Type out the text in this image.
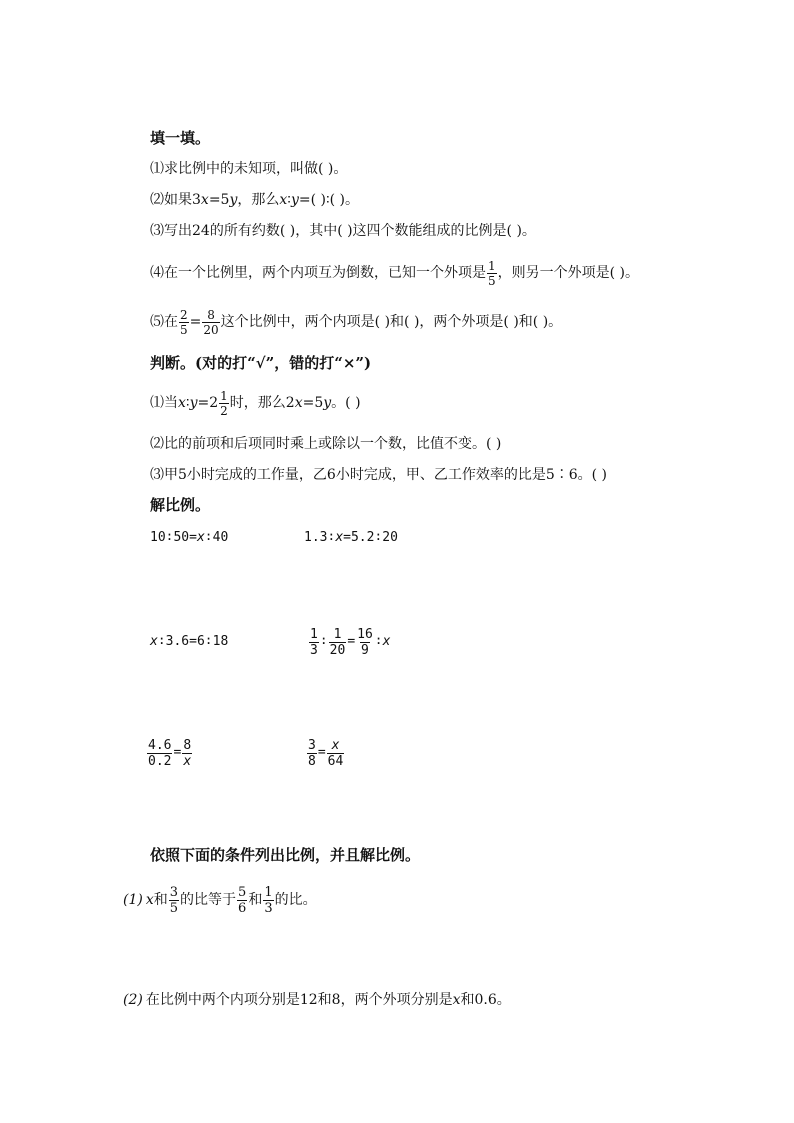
填一填。
⑴求比例中的未知项，叫做( )。
⑵如果3 x =5 y ，那么 x ∶ y =( )∶( )。
⑶写出24的所有约数( )，其中( )这四个数能组成的比例是( )。
⑷在一个比例里，两个内项互为倒数，已知一个外项是 $\frac{1}{5}$ ，则另一个外项是( )。
⑸在 $\frac{2}{5} = \frac{8}{20}$ 这个比例中，两个内项是( )和( )，两个外项是( )和( )。
判断。(对的打“√”，错的打“×”)
⑴当 x ∶ $y =2 \frac{1}{2}$ 时，那么2 x =5 y 。( )
⑵比的前项和后项同时乘上或除以一个数，比值不变。( )
⑶甲5小时完成的工作量，乙6小时完成，甲、乙工作效率的比是5∶6。( )
解比例。
10∶50= x ∶40	1.3∶ x =5.2∶20
x ∶3.6=6∶18	$\frac{1}{3}$ ∶ $\frac{1}{20} = \frac{16}{9}$ ∶ x
$\frac{4.6}{0.2} = \frac{8}{x}$	$\frac{3}{8} = \frac{x}{64}$
依照下面的条件列出比例，并且解比例。
(1) x 和 $\frac{3}{5}$ 的比等于 $\frac{5}{6}$ 和 $\frac{1}{3}$ 的比。
(2) 在比例中两个内项分别是12和8，两个外项分别是 x 和0.6。
